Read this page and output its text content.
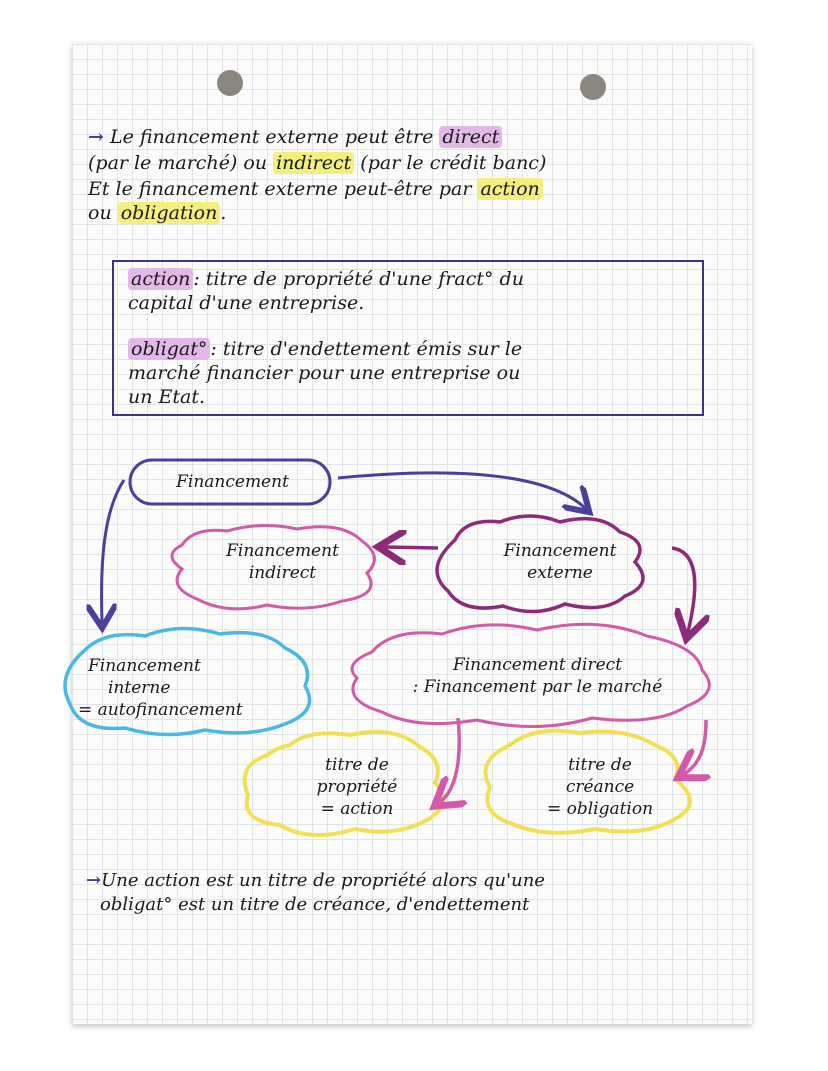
→ Le financement externe peut être direct
(par le marché) ou indirect (par le crédit banc)
Et le financement externe peut-être par action
ou obligation .
action : titre de propriété d'une fract° du
capital d'une entreprise.
obligat° : titre d'endettement émis sur le
marché financier pour une entreprise ou
un Etat.
Financement
Financement
externe
Financement
indirect
Financement
interne
= autofinancement
Financement direct
: Financement par le marché
titre de
propriété
= action
titre de
créance
= obligation
→Une action est un titre de propriété alors qu'une
obligat° est un titre de créance, d'endettement
